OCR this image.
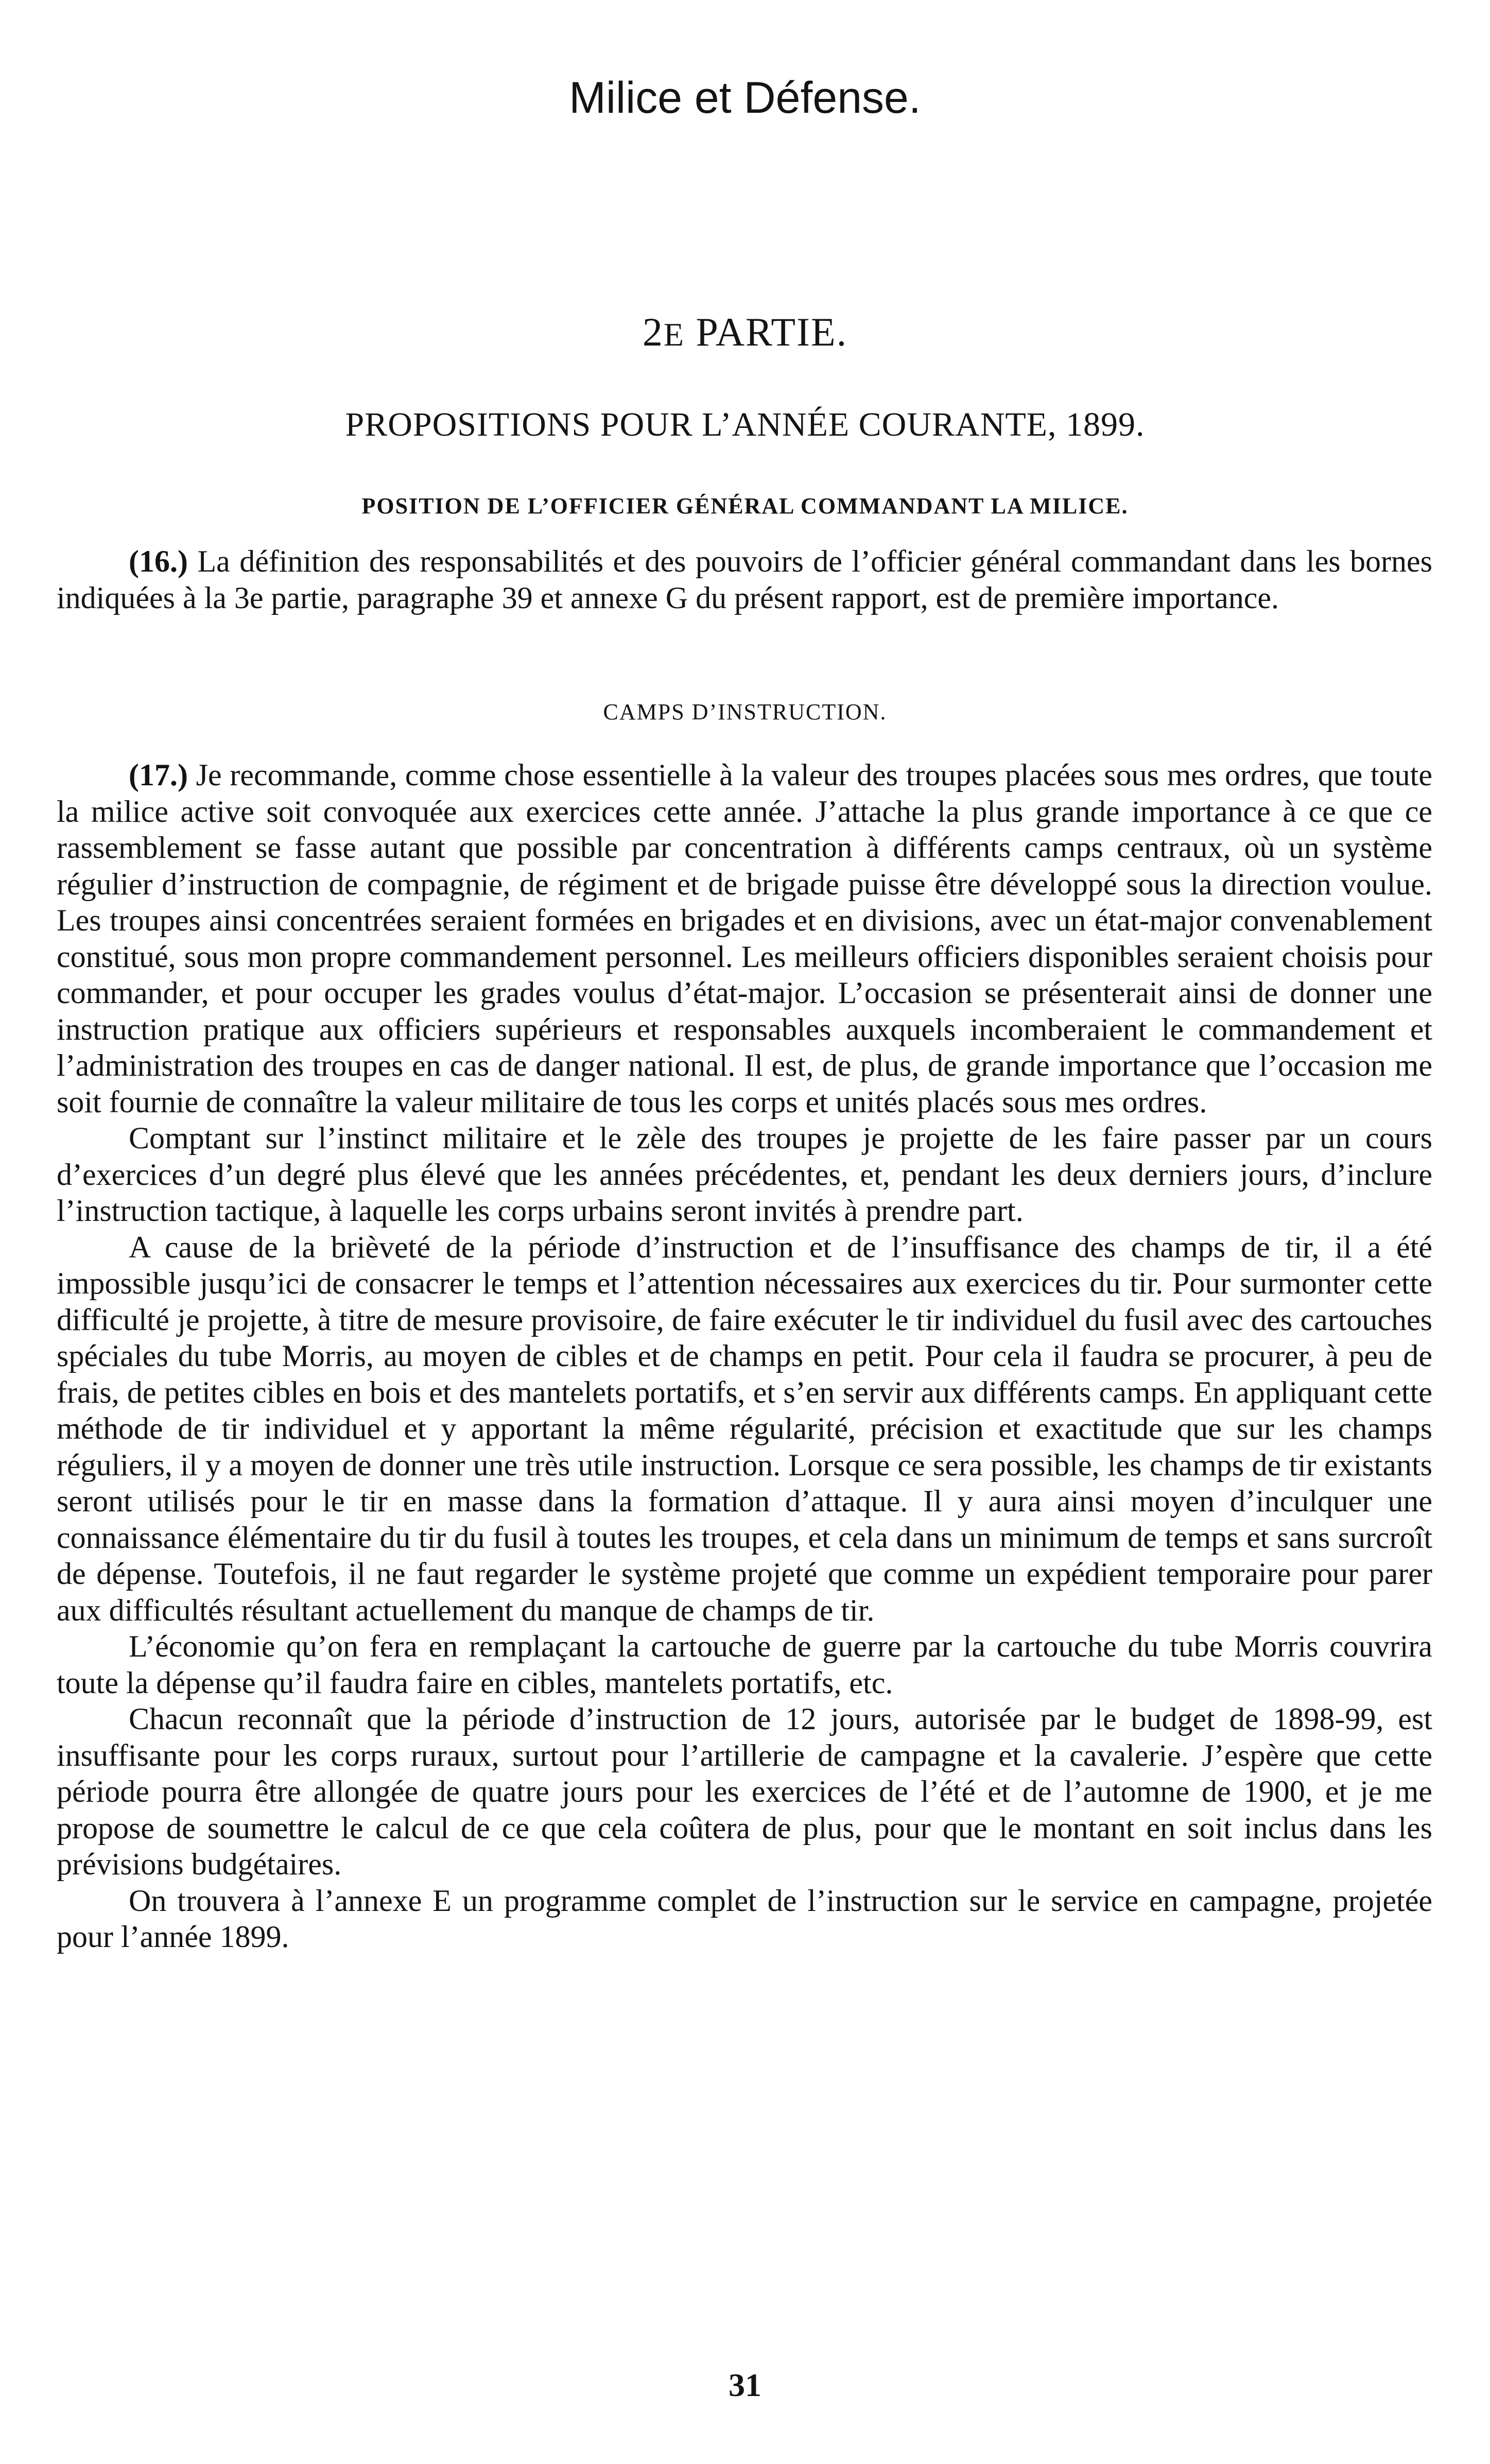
Milice et Défense.
2E PARTIE.
PROPOSITIONS POUR L’ANNÉE COURANTE, 1899.
POSITION DE L’OFFICIER GÉNÉRAL COMMANDANT LA MILICE.

(16.) La définition des responsabilités et des pouvoirs de l’officier général commandant dans les bornes indiquées à la 3e partie, paragraphe 39 et annexe G du présent rapport, est de première importance.

CAMPS D’INSTRUCTION.

(17.) Je recommande, comme chose essentielle à la valeur des troupes placées sous mes ordres, que toute la milice active soit convoquée aux exercices cette année. J’attache la plus grande importance à ce que ce rassemblement se fasse autant que possible par concentration à différents camps centraux, où un système régulier d’instruction de compagnie, de régiment et de brigade puisse être développé sous la direction voulue. Les troupes ainsi concentrées seraient formées en brigades et en divisions, avec un état-major convenablement constitué, sous mon propre commandement personnel. Les meilleurs officiers disponibles seraient choisis pour commander, et pour occuper les grades voulus d’état-major. L’occasion se présenterait ainsi de donner une instruction pratique aux officiers supérieurs et responsables auxquels incomberaient le commandement et l’administration des troupes en cas de danger national. Il est, de plus, de grande importance que l’occasion me soit fournie de connaître la valeur militaire de tous les corps et unités placés sous mes ordres.

Comptant sur l’instinct militaire et le zèle des troupes je projette de les faire passer par un cours d’exercices d’un degré plus élevé que les années précédentes, et, pendant les deux derniers jours, d’inclure l’instruction tactique, à laquelle les corps urbains seront invités à prendre part.

A cause de la brièveté de la période d’instruction et de l’insuffisance des champs de tir, il a été impossible jusqu’ici de consacrer le temps et l’attention nécessaires aux exercices du tir. Pour surmonter cette difficulté je projette, à titre de mesure provisoire, de faire exécuter le tir individuel du fusil avec des cartouches spéciales du tube Morris, au moyen de cibles et de champs en petit. Pour cela il faudra se procurer, à peu de frais, de petites cibles en bois et des mantelets portatifs, et s’en servir aux différents camps. En appliquant cette méthode de tir individuel et y apportant la même régularité, précision et exactitude que sur les champs réguliers, il y a moyen de donner une très utile instruction. Lorsque ce sera possible, les champs de tir existants seront utilisés pour le tir en masse dans la formation d’attaque. Il y aura ainsi moyen d’inculquer une connaissance élémentaire du tir du fusil à toutes les troupes, et cela dans un minimum de temps et sans surcroît de dépense. Toutefois, il ne faut regarder le système projeté que comme un expédient temporaire pour parer aux difficultés résultant actuellement du manque de champs de tir.

L’économie qu’on fera en remplaçant la cartouche de guerre par la cartouche du tube Morris couvrira toute la dépense qu’il faudra faire en cibles, mantelets portatifs, etc.

Chacun reconnaît que la période d’instruction de 12 jours, autorisée par le budget de 1898-99, est insuffisante pour les corps ruraux, surtout pour l’artillerie de campagne et la cavalerie. J’espère que cette période pourra être allongée de quatre jours pour les exercices de l’été et de l’automne de 1900, et je me propose de soumettre le calcul de ce que cela coûtera de plus, pour que le montant en soit inclus dans les prévisions budgétaires.

On trouvera à l’annexe E un programme complet de l’instruction sur le service en campagne, projetée pour l’année 1899.

31
